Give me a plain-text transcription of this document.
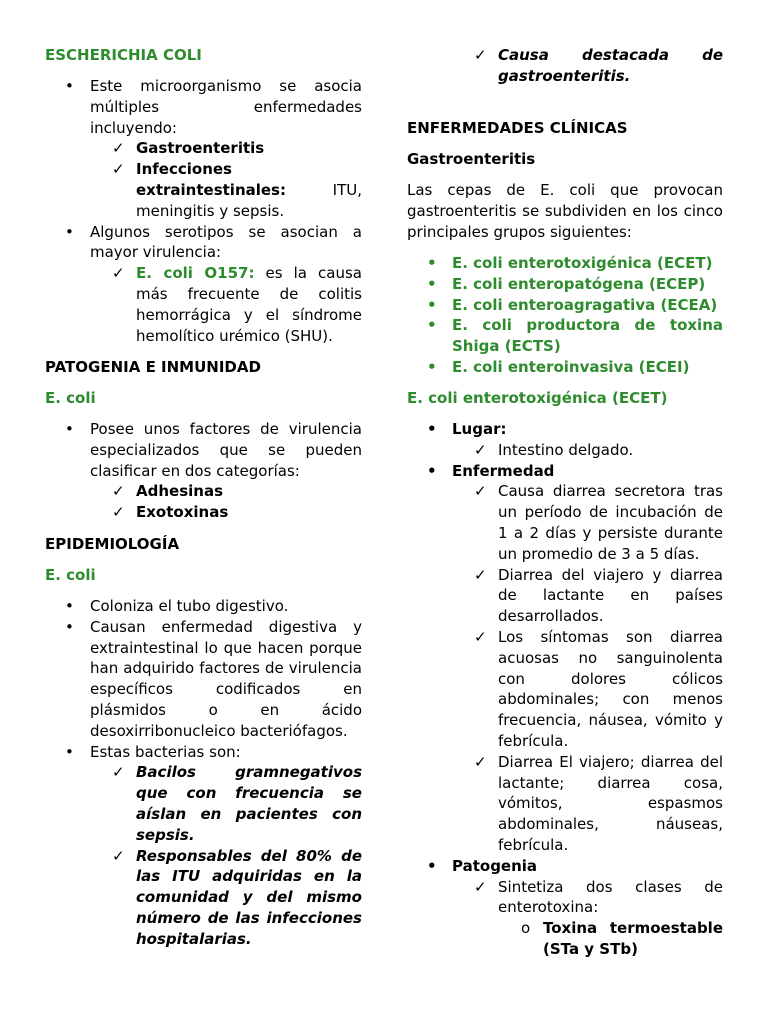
ESCHERICHIA COLI
• Este microorganismo se asocia múltiples enfermedades incluyendo:
✓ Gastroenteritis
✓ Infecciones extraintestinales: ITU, meningitis y sepsis.
• Algunos serotipos se asocian a mayor virulencia:
✓ E. coli O157: es la causa más frecuente de colitis hemorrágica y el síndrome hemolítico urémico (SHU).
PATOGENIA E INMUNIDAD
E. coli
• Posee unos factores de virulencia especializados que se pueden clasificar en dos categorías:
✓ Adhesinas
✓ Exotoxinas
EPIDEMIOLOGÍA
E. coli
• Coloniza el tubo digestivo.
• Causan enfermedad digestiva y extraintestinal lo que hacen porque han adquirido factores de virulencia específicos codificados en plásmidos o en ácido desoxirribonucleico bacteriófagos.
• Estas bacterias son:
✓ Bacilos gramnegativos que con frecuencia se aíslan en pacientes con sepsis.
✓ Responsables del 80% de las ITU adquiridas en la comunidad y del mismo número de las infecciones hospitalarias.
✓ Causa destacada de gastroenteritis.
ENFERMEDADES CLÍNICAS
Gastroenteritis

Las cepas de E. coli que provocan gastroenteritis se subdividen en los cinco principales grupos siguientes:

• E. coli enterotoxigénica (ECET)
• E. coli enteropatógena (ECEP)
• E. coli enteroagragativa (ECEA)
• E. coli productora de toxina Shiga (ECTS)
• E. coli enteroinvasiva (ECEI)
E. coli enterotoxigénica (ECET)
• Lugar:
✓ Intestino delgado.
• Enfermedad
✓ Causa diarrea secretora tras un período de incubación de 1 a 2 días y persiste durante un promedio de 3 a 5 días.
✓ Diarrea del viajero y diarrea de lactante en países desarrollados.
✓ Los síntomas son diarrea acuosas no sanguinolenta con dolores cólicos abdominales; con menos frecuencia, náusea, vómito y febrícula.
✓ Diarrea El viajero; diarrea del lactante; diarrea cosa, vómitos, espasmos abdominales, náuseas, febrícula.
• Patogenia
✓ Sintetiza dos clases de enterotoxina:
o Toxina termoestable (STa y STb)
